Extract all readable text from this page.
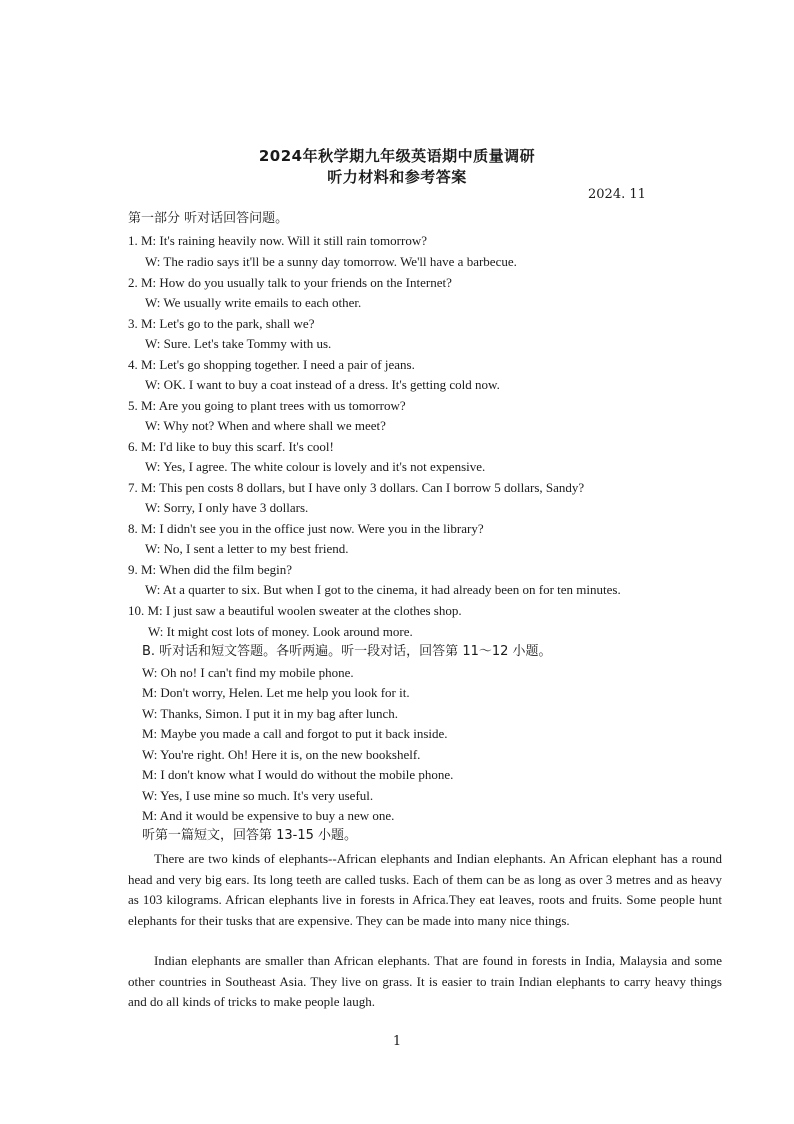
2024年秋学期九年级英语期中质量调研
听力材料和参考答案
2024. 11
第一部分 听对话回答问题。
1. M: It's raining heavily now. Will it still rain tomorrow?
W: The radio says it'll be a sunny day tomorrow. We'll have a barbecue.
2. M: How do you usually talk to your friends on the Internet?
W: We usually write emails to each other.
3. M: Let's go to the park, shall we?
W: Sure. Let's take Tommy with us.
4. M: Let's go shopping together. I need a pair of jeans.
W: OK. I want to buy a coat instead of a dress. It's getting cold now.
5. M: Are you going to plant trees with us tomorrow?
W: Why not? When and where shall we meet?
6. M: I'd like to buy this scarf. It's cool!
W: Yes, I agree. The white colour is lovely and it's not expensive.
7. M: This pen costs 8 dollars, but I have only 3 dollars. Can I borrow 5 dollars, Sandy?
W: Sorry, I only have 3 dollars.
8. M: I didn't see you in the office just now. Were you in the library?
W: No, I sent a letter to my best friend.
9. M: When did the film begin?
W: At a quarter to six. But when I got to the cinema, it had already been on for ten minutes.
10. M: I just saw a beautiful woolen sweater at the clothes shop.
W: It might cost lots of money. Look around more.
B. 听对话和短文答题。各听两遍。听一段对话，回答第 11～12 小题。
W: Oh no! I can't find my mobile phone.
M: Don't worry, Helen. Let me help you look for it.
W: Thanks, Simon. I put it in my bag after lunch.
M: Maybe you made a call and forgot to put it back inside.
W: You're right. Oh! Here it is, on the new bookshelf.
M: I don't know what I would do without the mobile phone.
W: Yes, I use mine so much. It's very useful.
M: And it would be expensive to buy a new one.
听第一篇短文，回答第 13-15 小题。
There are two kinds of elephants--African elephants and Indian elephants. An African elephant has a round head and very big ears. Its long teeth are called tusks. Each of them can be as long as over 3 metres and as heavy as 103 kilograms. African elephants live in forests in Africa.They eat leaves, roots and fruits. Some people hunt elephants for their tusks that are expensive. They can be made into many nice things.
Indian elephants are smaller than African elephants. That are found in forests in India, Malaysia and some other countries in Southeast Asia. They live on grass. It is easier to train Indian elephants to carry heavy things and do all kinds of tricks to make people laugh.
1
